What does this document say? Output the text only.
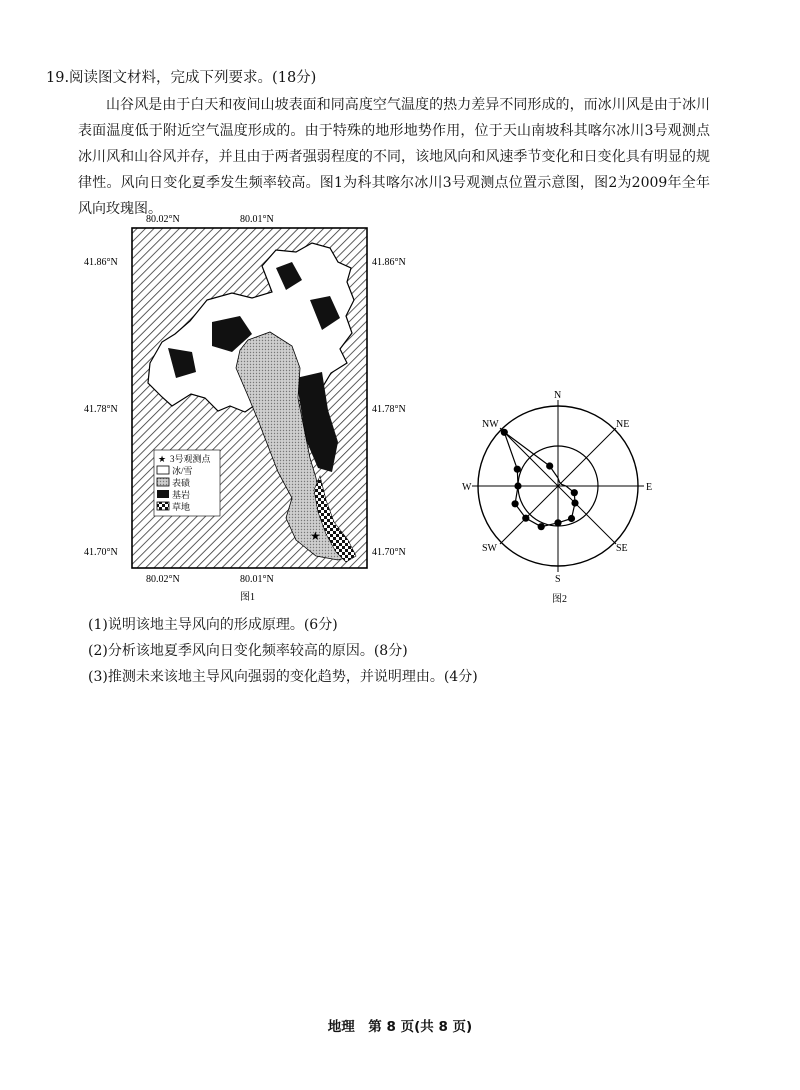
19.阅读图文材料，完成下列要求。(18分)
山谷风是由于白天和夜间山坡表面和同高度空气温度的热力差异不同形成的，而冰川风是由于冰川表面温度低于附近空气温度形成的。由于特殊的地形地势作用，位于天山南坡科其喀尔冰川3号观测点冰川风和山谷风并存，并且由于两者强弱程度的不同，该地风向和风速季节变化和日变化具有明显的规律性。风向日变化夏季发生频率较高。图1为科其喀尔冰川3号观测点位置示意图，图2为2009年全年风向玫瑰图。
★
★ 3号观测点
冰/雪
表碛
基岩
草地
80.02°N	80.01°N
80.02°N	80.01°N
41.86°N
41.78°N
41.70°N
41.86°N
41.78°N
41.70°N
图1
N
NE
E
SE
S
SW
W
NW
图2
(1)说明该地主导风向的形成原理。(6分)
(2)分析该地夏季风向日变化频率较高的原因。(8分)
(3)推测未来该地主导风向强弱的变化趋势，并说明理由。(4分)
地理　第 8 页(共 8 页)
